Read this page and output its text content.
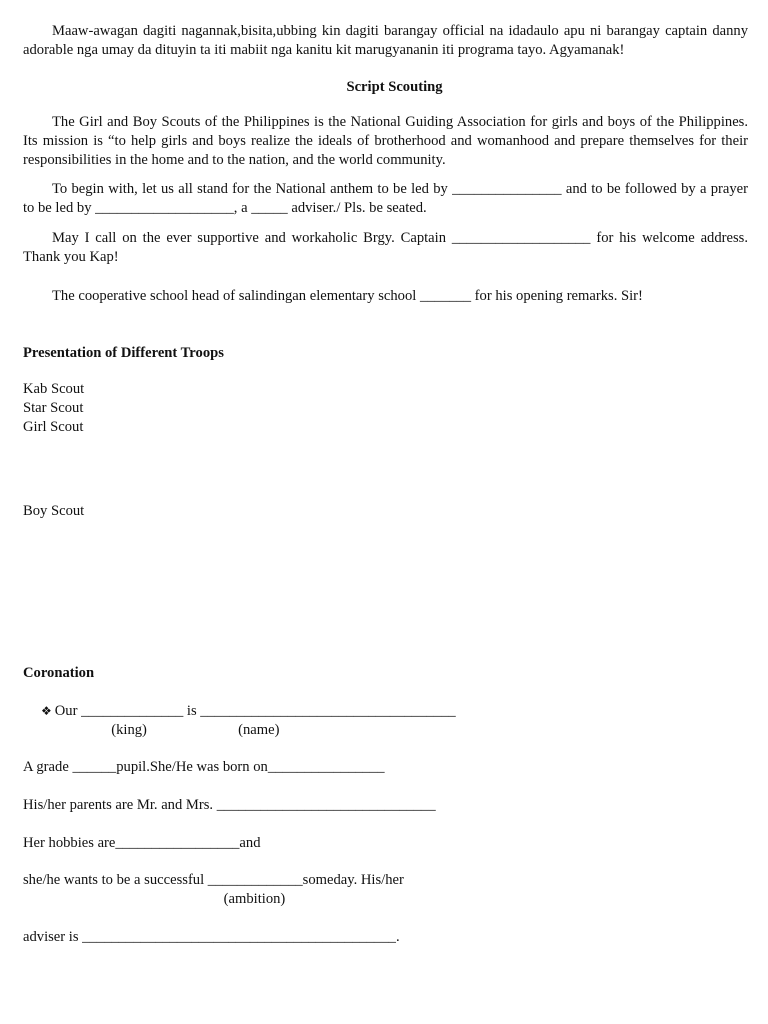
Maaw-awagan dagiti nagannak,bisita,ubbing kin dagiti barangay official na idadaulo apu ni barangay captain danny adorable nga umay da dituyin ta iti mabiit nga kanitu kit marugyananin iti programa tayo. Agyamanak!

Script Scouting

The Girl and Boy Scouts of the Philippines is the National Guiding Association for girls and boys of the Philippines. Its mission is “to help girls and boys realize the ideals of brotherhood and womanhood and prepare themselves for their responsibilities in the home and to the nation, and the world community.

To begin with, let us all stand for the National anthem to be led by _______________ and to be followed by a prayer to be led by ___________________, a _____ adviser./ Pls. be seated.

May I call on the ever supportive and workaholic Brgy. Captain ___________________ for his welcome address. Thank you Kap!

The cooperative school head of salindingan elementary school _______ for his opening remarks. Sir!

Presentation of Different Troops

Kab Scout

Star Scout

Girl Scout

Boy Scout

Coronation

❖ Our ______________ is ___________________________________

(king)                         (name)

A grade ______pupil.She/He was born on________________

His/her parents are Mr. and Mrs. ______________________________

Her hobbies are_________________and

she/he wants to be a successful _____________someday. His/her

(ambition)

adviser is ___________________________________________.
